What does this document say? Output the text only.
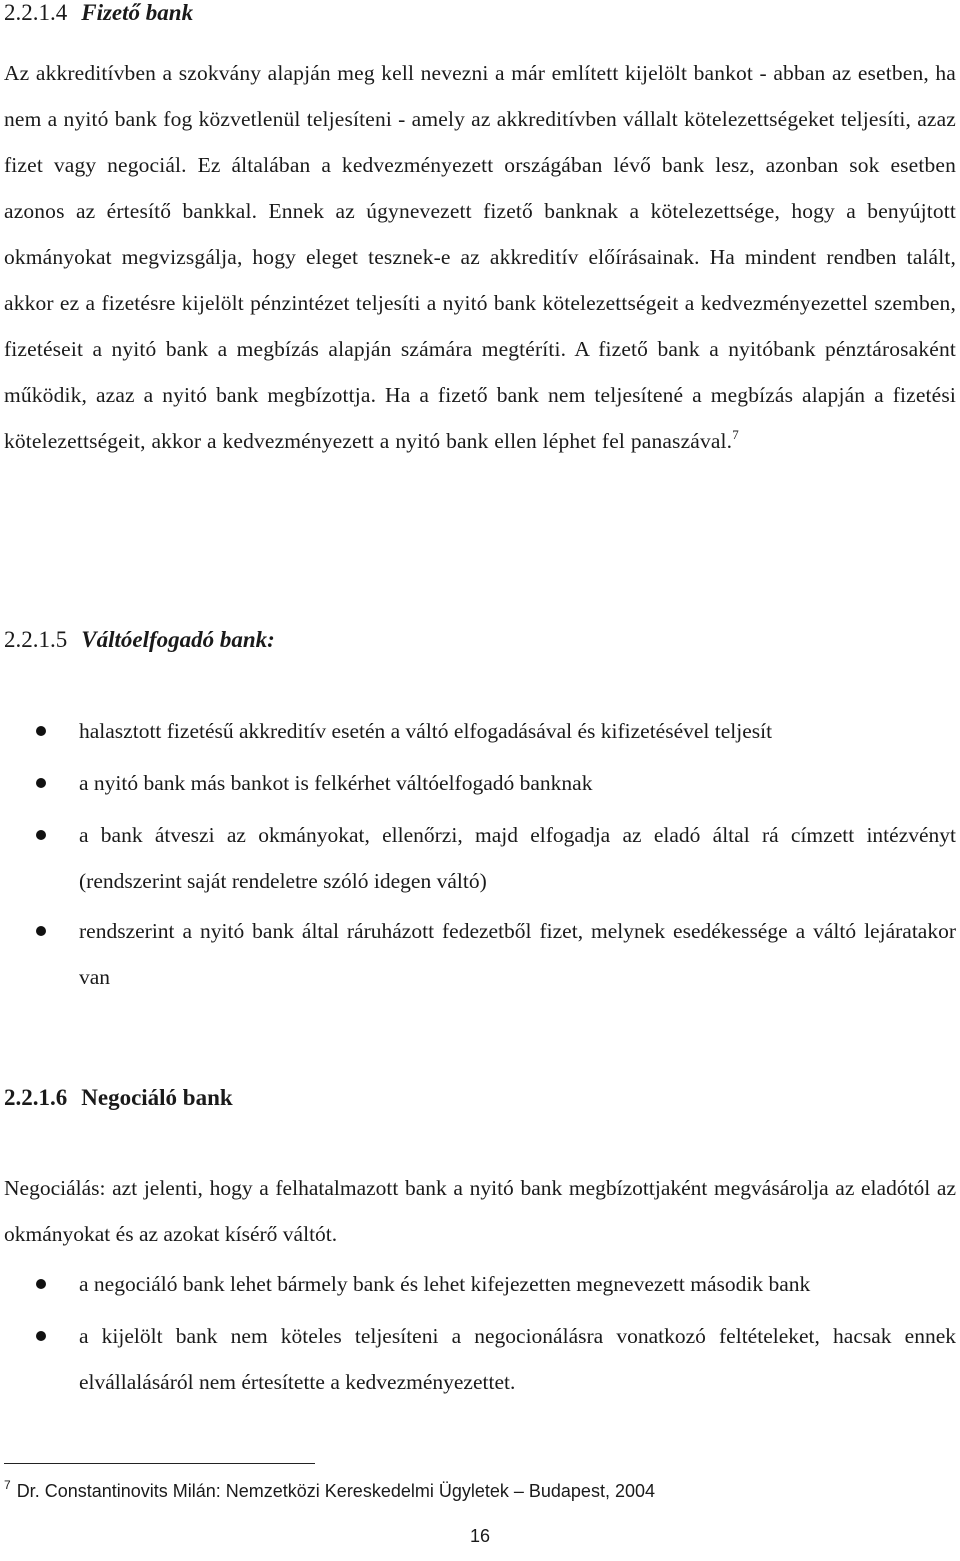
2.2.1.4 Fizető bank
Az akkreditívben a szokvány alapján meg kell nevezni a már említett kijelölt bankot - abban az esetben, ha nem a nyitó bank fog közvetlenül teljesíteni - amely az akkreditívben vállalt kötelezettségeket teljesíti, azaz fizet vagy negociál. Ez általában a kedvezményezett országában lévő bank lesz, azonban sok esetben azonos az értesítő bankkal. Ennek az úgynevezett fizető banknak a kötelezettsége, hogy a benyújtott okmányokat megvizsgálja, hogy eleget tesznek-e az akkreditív előírásainak. Ha mindent rendben talált, akkor ez a fizetésre kijelölt pénzintézet teljesíti a nyitó bank kötelezettségeit a kedvezményezettel szemben, fizetéseit a nyitó bank a megbízás alapján számára megtéríti. A fizető bank a nyitóbank pénztárosaként működik, azaz a nyitó bank megbízottja. Ha a fizető bank nem teljesítené a megbízás alapján a fizetési kötelezettségeit, akkor a kedvezményezett a nyitó bank ellen léphet fel panaszával.$^7$
2.2.1.5 Váltóelfogadó bank:
halasztott fizetésű akkreditív esetén a váltó elfogadásával és kifizetésével teljesít
a nyitó bank más bankot is felkérhet váltóelfogadó banknak
a bank átveszi az okmányokat, ellenőrzi, majd elfogadja az eladó által rá címzett intézvényt (rendszerint saját rendeletre szóló idegen váltó)
rendszerint a nyitó bank által ráruházott fedezetből fizet, melynek esedékessége a váltó lejáratakor van
2.2.1.6 Negociáló bank
Negociálás: azt jelenti, hogy a felhatalmazott bank a nyitó bank megbízottjaként megvásárolja az eladótól az okmányokat és az azokat kísérő váltót.
a negociáló bank lehet bármely bank és lehet kifejezetten megnevezett második bank
a kijelölt bank nem köteles teljesíteni a negocionálásra vonatkozó feltételeket, hacsak ennek elvállalásáról nem értesítette a kedvezményezettet.
$^7$ Dr. Constantinovits Milán: Nemzetközi Kereskedelmi Ügyletek – Budapest, 2004
16
